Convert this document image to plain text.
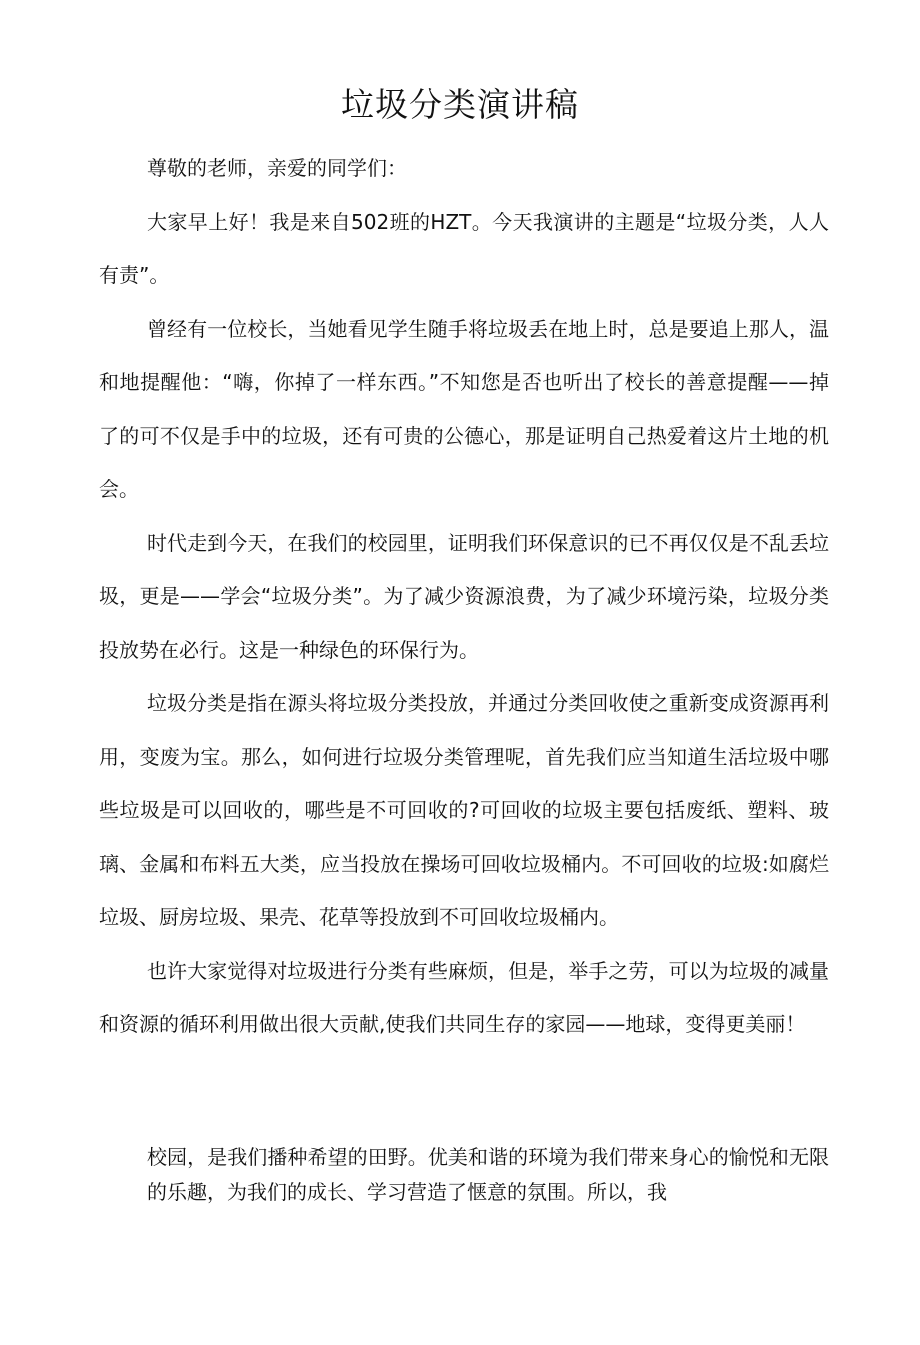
垃圾分类演讲稿

尊敬的老师，亲爱的同学们：

大家早上好！我是来自502班的HZT。今天我演讲的主题是“垃圾分类，人人有责”。

曾经有一位校长，当她看见学生随手将垃圾丢在地上时，总是要追上那人，温和地提醒他：“嗨，你掉了一样东西。”不知您是否也听出了校长的善意提醒——掉了的可不仅是手中的垃圾，还有可贵的公德心，那是证明自己热爱着这片土地的机会。

时代走到今天，在我们的校园里，证明我们环保意识的已不再仅仅是不乱丢垃圾，更是——学会“垃圾分类”。为了减少资源浪费，为了减少环境污染，垃圾分类投放势在必行。这是一种绿色的环保行为。

垃圾分类是指在源头将垃圾分类投放，并通过分类回收使之重新变成资源再利用，变废为宝。那么，如何进行垃圾分类管理呢，首先我们应当知道生活垃圾中哪些垃圾是可以回收的，哪些是不可回收的?可回收的垃圾主要包括废纸、塑料、玻璃、金属和布料五大类，应当投放在操场可回收垃圾桶内。不可回收的垃圾:如腐烂垃圾、厨房垃圾、果壳、花草等投放到不可回收垃圾桶内。

也许大家觉得对垃圾进行分类有些麻烦，但是，举手之劳，可以为垃圾的减量和资源的循环利用做出很大贡献,使我们共同生存的家园——地球，变得更美丽！

校园，是我们播种希望的田野。优美和谐的环境为我们带来身心的愉悦和无限的乐趣，为我们的成长、学习营造了惬意的氛围。所以，我
